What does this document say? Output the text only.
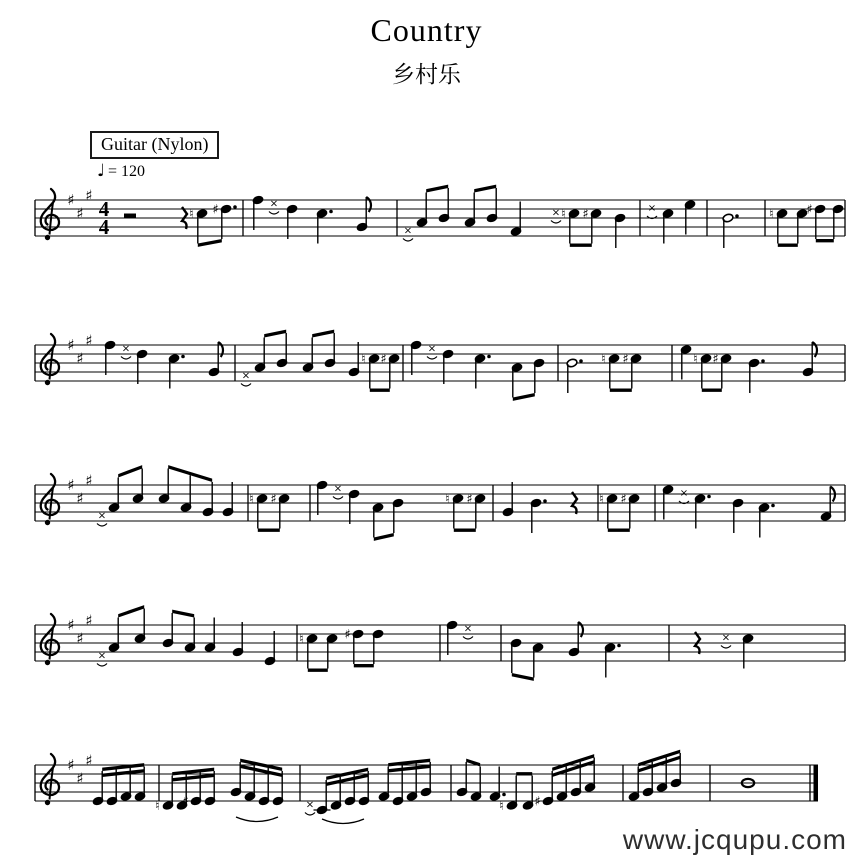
Country
乡村乐
♯
♯
♯
4
4
♮ ♯	×
×
× ♮ ♯	×	♮	♯
♯
♯
♯	×
×
♮ ♯
×
♮ ♯	♮ ♯
♯
♯
♯
×
♮ ♯
×
♮ ♯	♮ ♯	×
♯
♯
♯
×
♮	♯	×
×
♯
♯
♯
♮ ♯	×	♮ ♯
Guitar (Nylon)
♩ = 120
www.jcqupu.com
